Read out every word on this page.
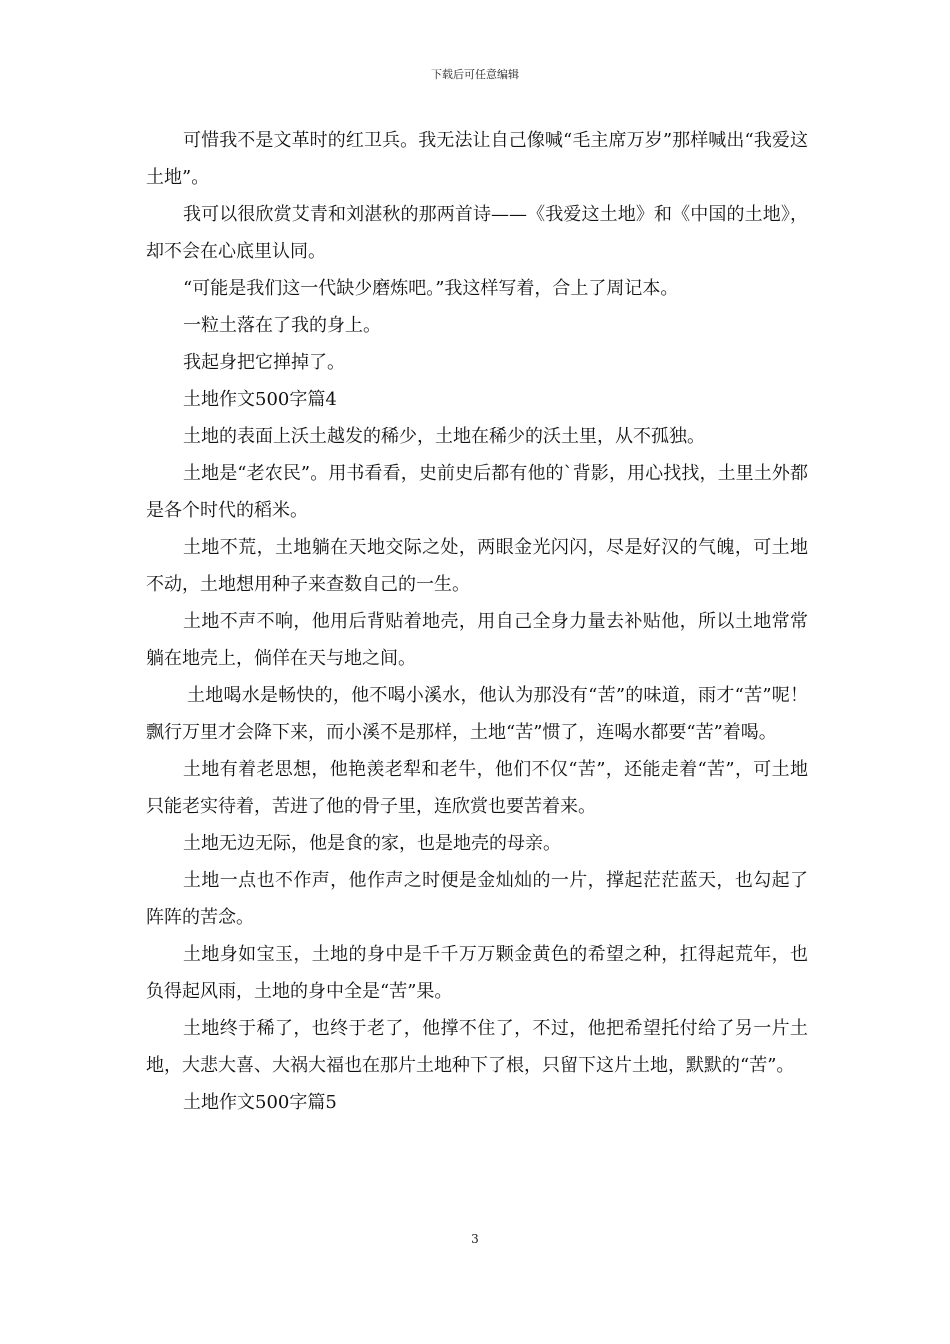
下载后可任意编辑

可惜我不是文革时的红卫兵。我无法让自己像喊“毛主席万岁”那样喊出“我爱这土地”。

我可以很欣赏艾青和刘湛秋的那两首诗——《我爱这土地》和《中国的土地》，却不会在心底里认同。

“可能是我们这一代缺少磨炼吧。”我这样写着，合上了周记本。

一粒土落在了我的身上。

我起身把它掸掉了。

土地作文500字篇4

土地的表面上沃土越发的稀少，土地在稀少的沃土里，从不孤独。

土地是“老农民”。用书看看，史前史后都有他的`背影，用心找找，土里土外都是各个时代的稻米。

土地不荒，土地躺在天地交际之处，两眼金光闪闪，尽是好汉的气魄，可土地不动，土地想用种子来查数自己的一生。

土地不声不响，他用后背贴着地壳，用自己全身力量去补贴他，所以土地常常躺在地壳上，倘佯在天与地之间。

土地喝水是畅快的，他不喝小溪水，他认为那没有“苦”的味道，雨才“苦”呢！飘行万里才会降下来，而小溪不是那样，土地“苦”惯了，连喝水都要“苦”着喝。

土地有着老思想，他艳羡老犁和老牛，他们不仅“苦”，还能走着“苦”，可土地只能老实待着，苦进了他的骨子里，连欣赏也要苦着来。

土地无边无际，他是食的家，也是地壳的母亲。

土地一点也不作声，他作声之时便是金灿灿的一片，撑起茫茫蓝天，也勾起了阵阵的苦念。

土地身如宝玉，土地的身中是千千万万颗金黄色的希望之种，扛得起荒年，也负得起风雨，土地的身中全是“苦”果。

土地终于稀了，也终于老了，他撑不住了，不过，他把希望托付给了另一片土地，大悲大喜、大祸大福也在那片土地种下了根，只留下这片土地，默默的“苦”。

土地作文500字篇5

3
